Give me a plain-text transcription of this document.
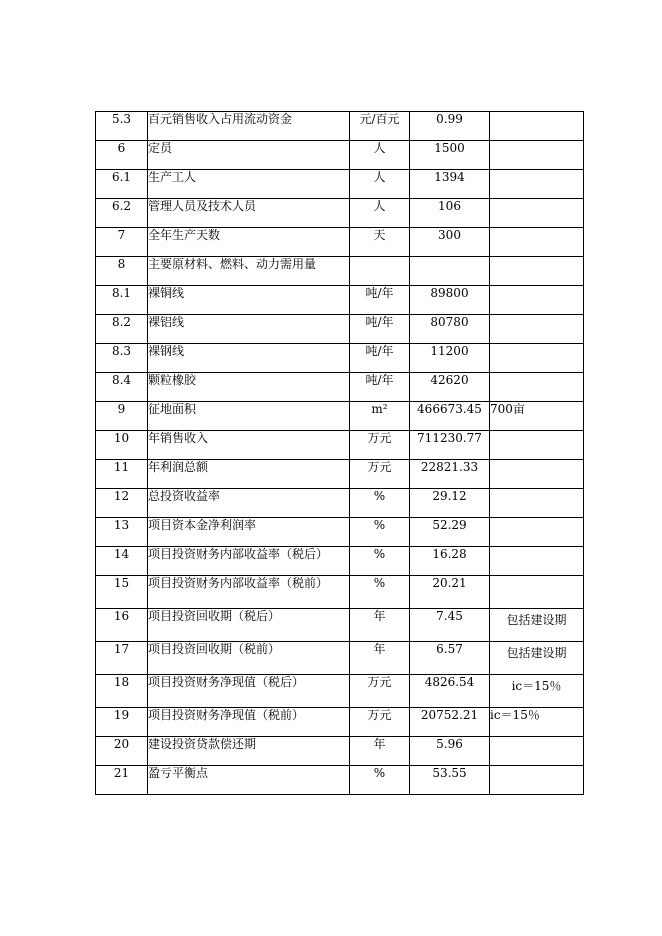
5.3	百元销售收入占用流动资金	元/百元	0.99	
6	定员	人	1500	
6.1	生产工人	人	1394	
6.2	管理人员及技术人员	人	106	
7	全年生产天数	天	300	
8	主要原材料、燃料、动力需用量			
8.1	裸铜线	吨/年	89800	
8.2	裸铝线	吨/年	80780	
8.3	裸钢线	吨/年	11200	
8.4	颗粒橡胶	吨/年	42620	
9	征地面积	m²	466673.45	700亩
10	年销售收入	万元	711230.77	
11	年利润总额	万元	22821.33	
12	总投资收益率	%	29.12	
13	项目资本金净利润率	%	52.29	
14	项目投资财务内部收益率（税后）	%	16.28	
15	项目投资财务内部收益率（税前）	%	20.21	
16	项目投资回收期（税后）	年	7.45	包括建设期
17	项目投资回收期（税前）	年	6.57	包括建设期
18	项目投资财务净现值（税后）	万元	4826.54	ic＝15％
19	项目投资财务净现值（税前）	万元	20752.21	ic＝15％
20	建设投资贷款偿还期	年	5.96	
21	盈亏平衡点	%	53.55	
